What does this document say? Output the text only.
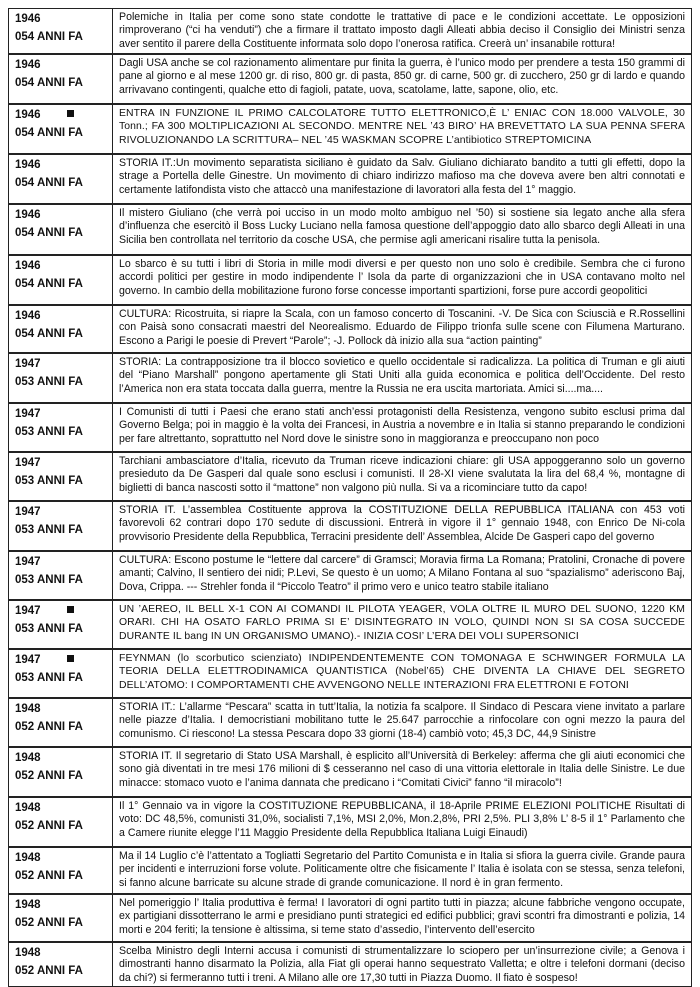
1946
054 ANNI FA
Polemiche in Italia per come sono state condotte le trattative di pace e le condizioni accettate. Le opposizioni rimproverano (“ci ha venduti”) che a firmare il trattato imposto dagli Alleati abbia deciso il Consiglio dei Ministri senza aver sentito il parere della Costituente informata solo dopo l’onerosa ratifica. Creerà un’ insanabile rottura!
1946
054 ANNI FA
Dagli USA anche se col razionamento alimentare pur finita la guerra, è l’unico modo per prendere a testa 150 grammi di pane al giorno e al mese 1200 gr. di riso, 800 gr. di pasta, 850 gr. di carne, 500 gr. di zucchero, 250 gr di lardo e quando arrivavano contingenti, qualche etto di fagioli, patate, uova, scatolame, latte, sapone, olio, etc.
1946
054 ANNI FA
ENTRA IN FUNZIONE IL PRIMO CALCOLATORE TUTTO ELETTRONICO,È L’ ENIAC CON 18.000 VALVOLE, 30 Tonn.; FA 300 MOLTIPLICAZIONI AL SECONDO. MENTRE NEL ’43 BIRO’ HA BREVETTATO LA SUA PENNA SFERA RIVOLUZIONANDO LA SCRITTURA– NEL ’45 WASKMAN SCOPRE L’antibiotico STREPTOMICINA
1946
054 ANNI FA
STORIA IT.:Un movimento separatista siciliano è guidato da Salv. Giuliano dichiarato bandito a tutti gli effetti, dopo la strage a Portella delle Ginestre. Un movimento di chiaro indirizzo mafioso ma che doveva avere ben altri connotati e certamente latifondista visto che attaccò una manifestazione di lavoratori alla festa del 1° maggio.
1946
054 ANNI FA
Il mistero Giuliano (che verrà poi ucciso in un modo molto ambiguo nel ’50) si sostiene sia legato anche alla sfera d’influenza che esercitò il Boss Lucky Luciano nella famosa questione dell’appoggio dato allo sbarco degli Alleati in una Sicilia ben controllata nel territorio da cosche USA, che permise agli americani risalire tutta la penisola.
1946
054 ANNI FA
Lo sbarco è su tutti i libri di Storia in mille modi diversi e per questo non uno solo è credibile. Sembra che ci furono accordi politici per gestire in modo indipendente l’ Isola da parte di organizzazioni che in USA contavano molto nel governo. In cambio della mobilitazione furono forse concesse importanti spartizioni, forse pure accordi geopolitici
1946
054 ANNI FA
CULTURA: Ricostruita, si riapre la Scala, con un famoso concerto di Toscanini. -V. De Sica con Sciuscià e R.Rossellini con Paisà sono consacrati maestri del Neorealismo. Eduardo de Filippo trionfa sulle scene con Filumena Marturano. Escono a Parigi le poesie di Prevert “Parole”; -J. Pollock dà inizio alla sua “action painting”
1947
053 ANNI FA
STORIA: La contrapposizione tra il blocco sovietico e quello occidentale si radicalizza. La politica di Truman e gli aiuti del “Piano Marshall” pongono apertamente gli Stati Uniti alla guida economica e politica dell’Occidente. Del resto l’America non era stata toccata dalla guerra, mentre la Russia ne era uscita martoriata. Amici si....ma....
1947
053 ANNI FA
I Comunisti di tutti i Paesi che erano stati anch’essi protagonisti della Resistenza, vengono subito esclusi prima dal Governo Belga; poi in maggio è la volta dei Francesi, in Austria a novembre e in Italia si stanno preparando le condizioni per fare altrettanto, soprattutto nel Nord dove le sinistre sono in maggioranza e preoccupano non poco
1947
053 ANNI FA
Tarchiani ambasciatore d’Italia, ricevuto da Truman riceve indicazioni chiare: gli USA appoggeranno solo un governo presieduto da De Gasperi dal quale sono esclusi i comunisti. Il 28-XI viene svalutata la lira del 68,4 %, montagne di biglietti di banca nascosti sotto il “mattone” non valgono più nulla. Si va a ricominciare tutto da capo!
1947
053 ANNI FA
STORIA IT. L’assemblea Costituente approva la COSTITUZIONE DELLA REPUBBLICA ITALIANA con 453 voti favorevoli 62 contrari dopo 170 sedute di discussioni. Entrerà in vigore il 1° gennaio 1948, con Enrico De Ni-cola provvisorio Presidente della Repubblica, Terracini presidente dell’ Assemblea, Alcide De Gasperi capo del governo
1947
053 ANNI FA
CULTURA: Escono postume le “lettere dal carcere” di Gramsci; Moravia firma La Romana; Pratolini, Cronache di povere amanti; Calvino, Il sentiero dei nidi; P.Levi, Se questo è un uomo; A Milano Fontana al suo “spazialismo” aderiscono Baj, Dova, Crippa. --- Strehler fonda il “Piccolo Teatro” il primo vero e unico teatro stabile italiano
1947
053 ANNI FA
UN ’AEREO, IL BELL X-1 CON AI COMANDI IL PILOTA YEAGER, VOLA OLTRE IL MURO DEL SUONO, 1220 KM ORARI. CHI HA OSATO FARLO PRIMA SI E’ DISINTEGRATO IN VOLO, QUINDI NON SI SA COSA SUCCEDE DURANTE IL bang IN UN ORGANISMO UMANO).- INIZIA COSI’ L’ERA DEI VOLI SUPERSONICI
1947
053 ANNI FA
FEYNMAN (lo scorbutico scienziato) INDIPENDENTEMENTE CON TOMONAGA E SCHWINGER FORMULA LA TEORIA DELLA ELETTRODINAMICA QUANTISTICA (Nobel’65) CHE DIVENTA LA CHIAVE DEL SEGRETO DELL’ATOMO: I COMPORTAMENTI CHE AVVENGONO NELLE INTERAZIONI FRA ELETTRONI E FOTONI
1948
052 ANNI FA
STORIA IT.: L’allarme “Pescara” scatta in tutt’Italia, la notizia fa scalpore. Il Sindaco di Pescara viene invitato a parlare nelle piazze d’Italia. I democristiani mobilitano tutte le 25.647 parrocchie a rinfocolare con ogni mezzo la paura del comunismo. Ci riescono! La stessa Pescara dopo 33 giorni (18-4) cambiò voto; 45,3 DC, 44,9 Sinistre
1948
052 ANNI FA
STORIA IT. Il segretario di Stato USA Marshall, è esplicito all’Università di Berkeley: afferma che gli aiuti economici che sono già diventati in tre mesi 176 milioni di $ cesseranno nel caso di una vittoria elettorale in Italia delle Sinistre. Le due minacce: stomaco vuoto e l’anima dannata che predicano i “Comitati Civici” fanno “il miracolo”!
1948
052 ANNI FA
Il 1° Gennaio va in vigore la COSTITUZIONE REPUBBLICANA, il 18-Aprile PRIME ELEZIONI POLITICHE Risultati di voto: DC 48,5%, comunisti 31,0%, socialisti 7,1%, MSI 2,0%, Mon.2,8%, PRI 2,5%. PLI 3,8% L’ 8-5 il 1° Parlamento che a Camere riunite elegge l’11 Maggio Presidente della Repubblica Italiana Luigi Einaudi)
1948
052 ANNI FA
Ma il 14 Luglio c’è l’attentato a Togliatti Segretario del Partito Comunista e in Italia si sfiora la guerra civile. Grande paura per incidenti e interruzioni forse volute. Politicamente oltre che fisicamente l’ Italia è isolata con se stessa, senza telefoni, si fanno alcune barricate su alcune strade di grande comunicazione. Il nord è in gran fermento.
1948
052 ANNI FA
Nel pomeriggio l’ Italia produttiva è ferma! I lavoratori di ogni partito tutti in piazza; alcune fabbriche vengono occupate, ex partigiani dissotterrano le armi e presidiano punti strategici ed edifici pubblici; gravi scontri fra dimostranti e polizia, 14 morti e 204 feriti; la tensione è altissima, si teme stato d’assedio, l’intervento dell’esercito
1948
052 ANNI FA
Scelba Ministro degli Interni accusa i comunisti di strumentalizzare lo sciopero per un’insurrezione civile; a Genova i dimostranti hanno disarmato la Polizia, alla Fiat gli operai hanno sequestrato Valletta; e oltre i telefoni dormani (deciso da chi?) si fermeranno tutti i treni. A Milano alle ore 17,30 tutti in Piazza Duomo. Il fiato è sospeso!
